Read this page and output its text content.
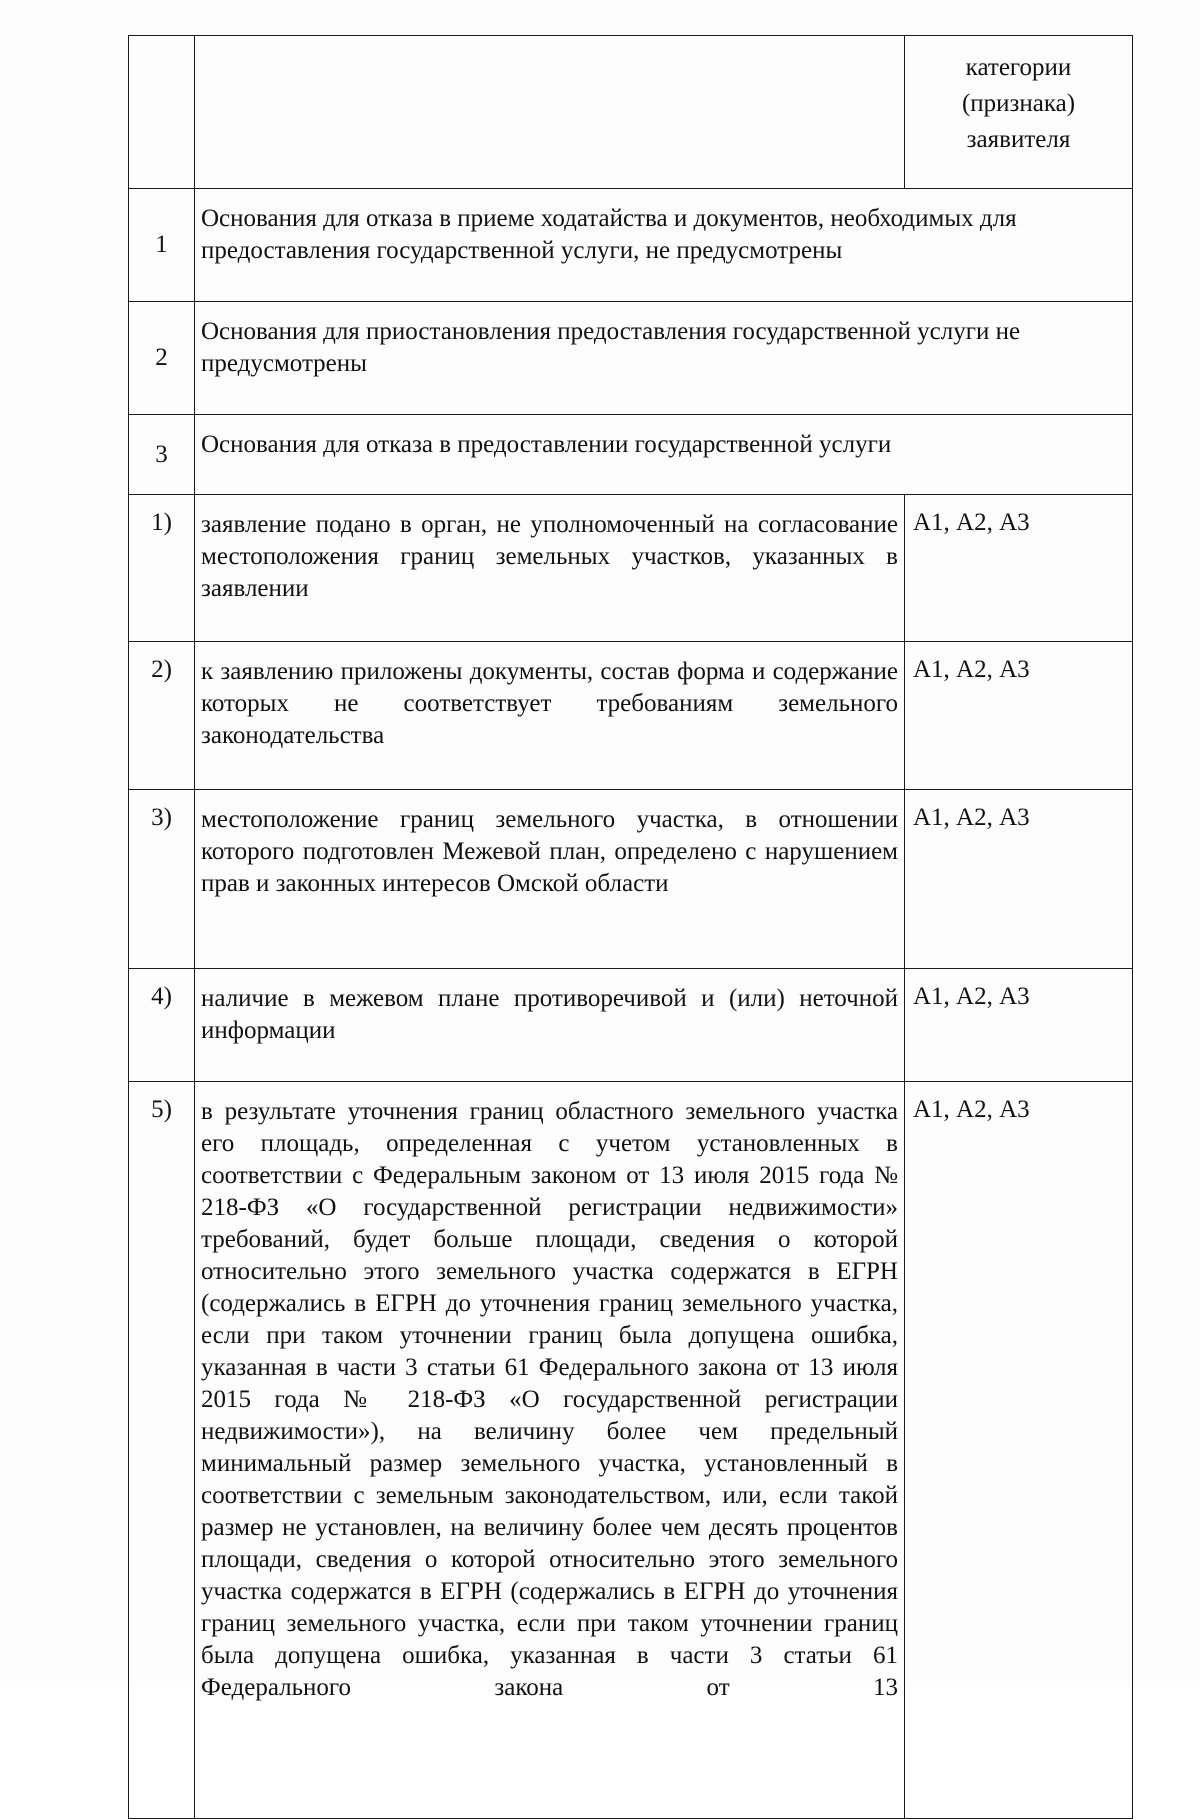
		категории (признака) заявителя
1	Основания для отказа в приеме ходатайства и документов, необходимых для предоставления государственной услуги, не предусмотрены	
2	Основания для приостановления предоставления государственной услуги не предусмотрены	
3	Основания для отказа в предоставлении государственной услуги	
1)	заявление подано в орган, не уполномоченный на согласование местоположения границ земельных участков, указанных в заявлении	А1, А2, А3
2)	к заявлению приложены документы, состав форма и содержание которых не соответствует требованиям земельного законодательства	А1, А2, А3
3)	местоположение границ земельного участка, в отношении которого подготовлен Межевой план, определено с нарушением прав и законных интересов Омской области	А1, А2, А3
4)	наличие в межевом плане противоречивой и (или) неточной информации	А1, А2, А3
5)	в результате уточнения границ областного земельного участка его площадь, определенная с учетом установленных в соответствии с Федеральным законом от 13 июля 2015 года № 218-ФЗ «О государственной регистрации недвижимости» требований, будет больше площади, сведения о которой относительно этого земельного участка содержатся в ЕГРН (содержались в ЕГРН до уточнения границ земельного участка, если при таком уточнении границ была допущена ошибка, указанная в части 3 статьи 61 Федерального закона от 13 июля 2015 года № 218-ФЗ «О государственной регистрации недвижимости»), на величину более чем предельный минимальный размер земельного участка, установленный в соответствии с земельным законодательством, или, если такой размер не установлен, на величину более чем десять процентов площади, сведения о которой относительно этого земельного участка содержатся в ЕГРН (содержались в ЕГРН до уточнения границ земельного участка, если при таком уточнении границ была допущена ошибка, указанная в части 3 статьи 61 Федерального закона от 13	А1, А2, А3
